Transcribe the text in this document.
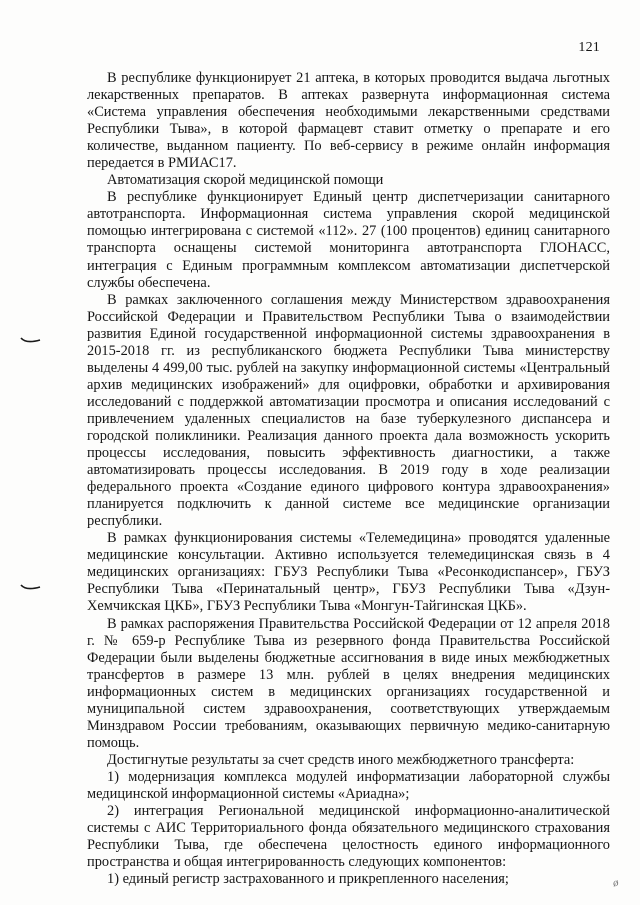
121

В республике функционирует 21 аптека, в которых проводится выдача льготных лекарственных препаратов. В аптеках развернута информационная система «Система управления обеспечения необходимыми лекарственными средствами Республики Тыва», в которой фармацевт ставит отметку о препарате и его количестве, выданном пациенту. По веб-сервису в режиме онлайн информация передается в РМИАС17.

Автоматизация скорой медицинской помощи

В республике функционирует Единый центр диспетчеризации санитарного автотранспорта. Информационная система управления скорой медицинской помощью интегрирована с системой «112». 27 (100 процентов) единиц санитарного транспорта оснащены системой мониторинга автотранспорта ГЛОНАСС, интеграция с Единым программным комплексом автоматизации диспетчерской службы обеспечена.

В рамках заключенного соглашения между Министерством здравоохранения Российской Федерации и Правительством Республики Тыва о взаимодействии развития Единой государственной информационной системы здравоохранения в 2015-2018 гг. из республиканского бюджета Республики Тыва министерству выделены 4 499,00 тыс. рублей на закупку информационной системы «Центральный архив медицинских изображений» для оцифровки, обработки и архивирования исследований с поддержкой автоматизации просмотра и описания исследований с привлечением удаленных специалистов на базе туберкулезного диспансера и городской поликлиники. Реализация данного проекта дала возможность ускорить процессы исследования, повысить эффективность диагностики, а также автоматизировать процессы исследования. В 2019 году в ходе реализации федерального проекта «Создание единого цифрового контура здравоохранения» планируется подключить к данной системе все медицинские организации республики.

В рамках функционирования системы «Телемедицина» проводятся удаленные медицинские консультации. Активно используется телемедицинская связь в 4 медицинских организациях: ГБУЗ Республики Тыва «Ресонкодиспансер», ГБУЗ Республики Тыва «Перинатальный центр», ГБУЗ Республики Тыва «Дзун-Хемчикская ЦКБ», ГБУЗ Республики Тыва «Монгун-Тайгинская ЦКБ».

В рамках распоряжения Правительства Российской Федерации от 12 апреля 2018 г. № 659-р Республике Тыва из резервного фонда Правительства Российской Федерации были выделены бюджетные ассигнования в виде иных межбюджетных трансфертов в размере 13 млн. рублей в целях внедрения медицинских информационных систем в медицинских организациях государственной и муниципальной систем здравоохранения, соответствующих утверждаемым Минздравом России требованиям, оказывающих первичную медико-санитарную помощь.

Достигнутые результаты за счет средств иного межбюджетного трансферта:

1) модернизация комплекса модулей информатизации лабораторной службы медицинской информационной системы «Ариадна»;

2) интеграция Региональной медицинской информационно-аналитической системы с АИС Территориального фонда обязательного медицинского страхования Республики Тыва, где обеспечена целостность единого информационного пространства и общая интегрированность следующих компонентов:

1) единый регистр застрахованного и прикрепленного населения;	ø
